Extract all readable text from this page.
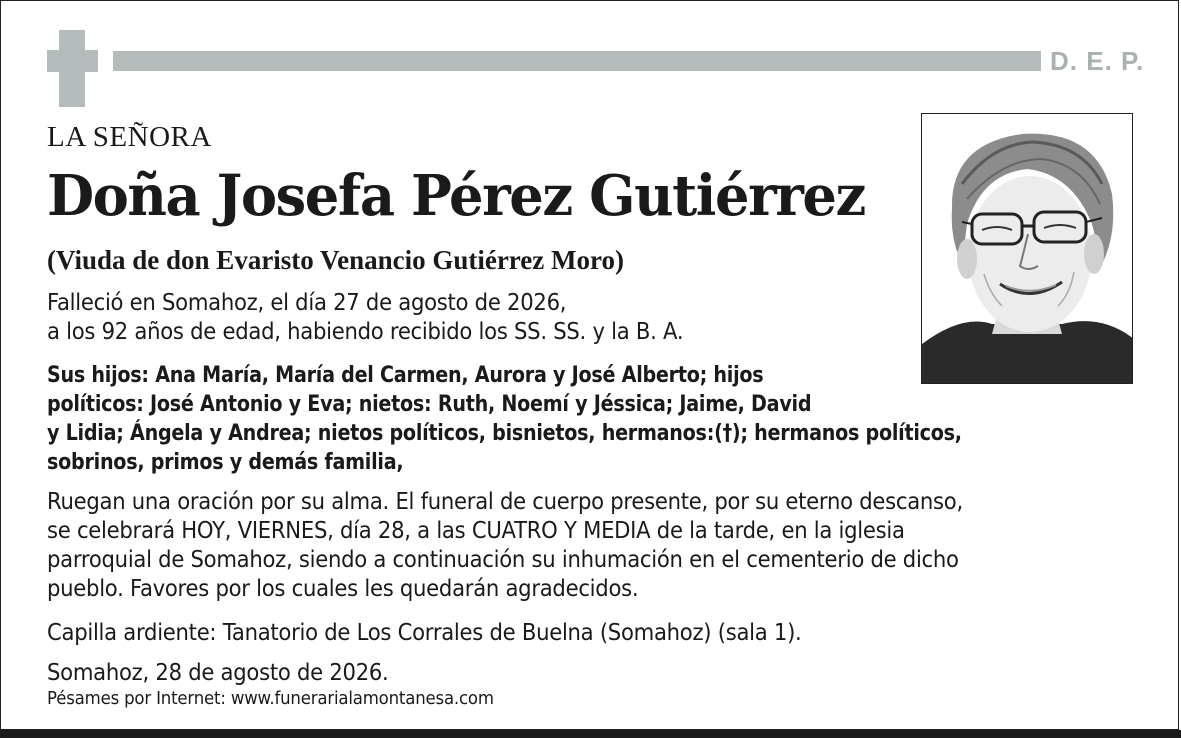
D. E. P.
LA SEÑORA
Doña Josefa Pérez Gutiérrez
(Viuda de don Evaristo Venancio Gutiérrez Moro)
Falleció en Somahoz, el día 27 de agosto de 2026,
a los 92 años de edad, habiendo recibido los SS. SS. y la B. A.
Sus hijos: Ana María, María del Carmen, Aurora y José Alberto; hijos
políticos: José Antonio y Eva; nietos: Ruth, Noemí y Jéssica; Jaime, David
y Lidia; Ángela y Andrea; nietos políticos, bisnietos, hermanos:(†); hermanos políticos,
sobrinos, primos y demás familia,
Ruegan una oración por su alma. El funeral de cuerpo presente, por su eterno descanso,
se celebrará HOY, VIERNES, día 28, a las CUATRO Y MEDIA de la tarde, en la iglesia
parroquial de Somahoz, siendo a continuación su inhumación en el cementerio de dicho
pueblo. Favores por los cuales les quedarán agradecidos.
Capilla ardiente: Tanatorio de Los Corrales de Buelna (Somahoz) (sala 1).
Somahoz, 28 de agosto de 2026.
Pésames por Internet: www.funerarialamontanesa.com
